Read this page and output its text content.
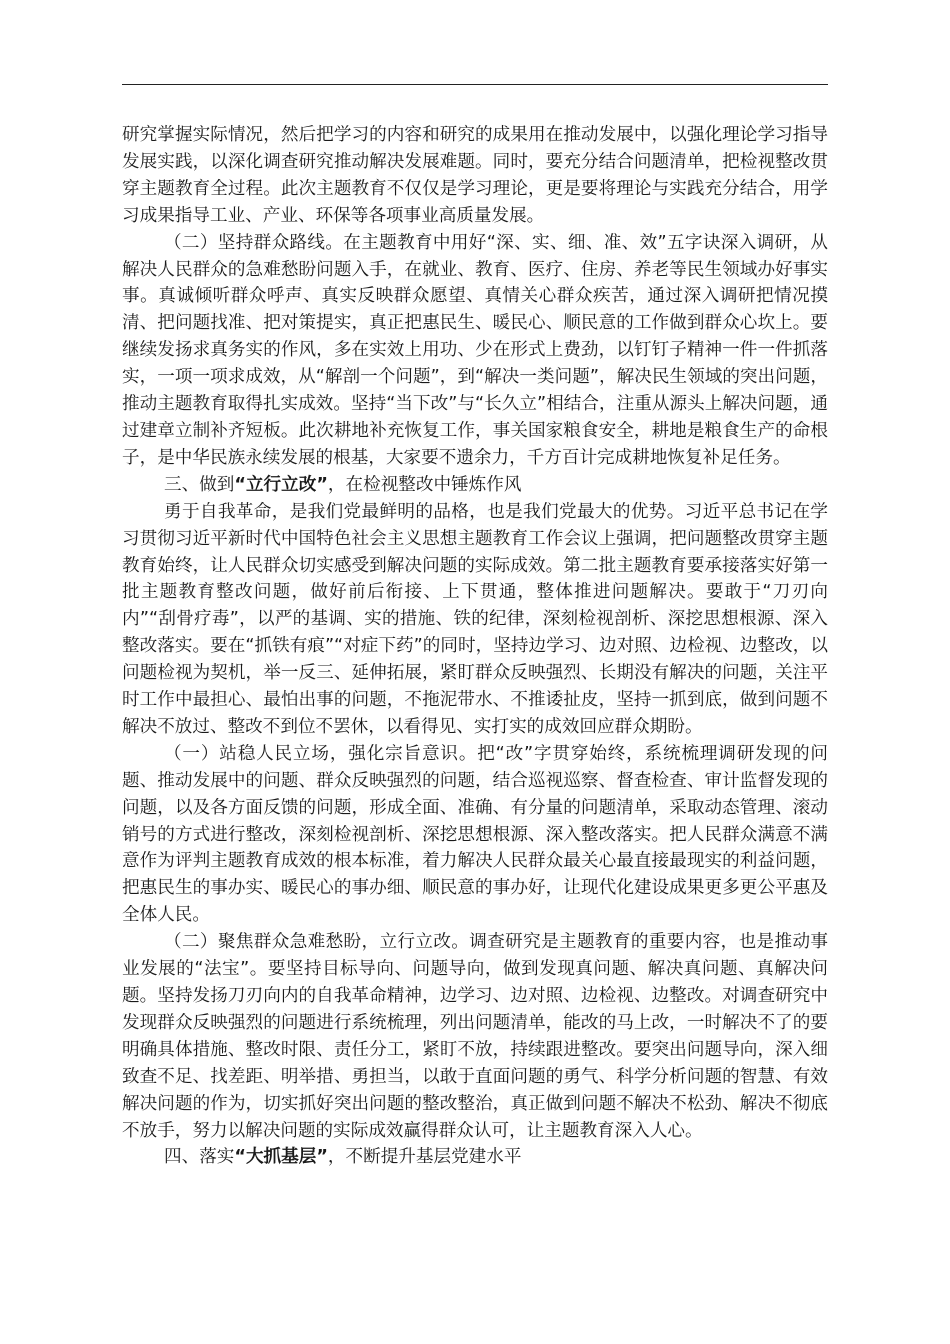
研究掌握实际情况，然后把学习的内容和研究的成果用在推动发展中，以强化理论学习指导发展实践，以深化调查研究推动解决发展难题。同时，要充分结合问题清单，把检视整改贯穿主题教育全过程。此次主题教育不仅仅是学习理论，更是要将理论与实践充分结合，用学习成果指导工业、产业、环保等各项事业高质量发展。

（二）坚持群众路线。在主题教育中用好“深、实、细、准、效”五字诀深入调研，从解决人民群众的急难愁盼问题入手，在就业、教育、医疗、住房、养老等民生领域办好事实事。真诚倾听群众呼声、真实反映群众愿望、真情关心群众疾苦，通过深入调研把情况摸清、把问题找准、把对策提实，真正把惠民生、暖民心、顺民意的工作做到群众心坎上。要继续发扬求真务实的作风，多在实效上用功、少在形式上费劲，以钉钉子精神一件一件抓落实，一项一项求成效，从“解剖一个问题”，到“解决一类问题”，解决民生领域的突出问题，推动主题教育取得扎实成效。坚持“当下改”与“长久立”相结合，注重从源头上解决问题，通过建章立制补齐短板。此次耕地补充恢复工作，事关国家粮食安全，耕地是粮食生产的命根子，是中华民族永续发展的根基，大家要不遗余力，千方百计完成耕地恢复补足任务。

三、做到“立行立改”，在检视整改中锤炼作风

勇于自我革命，是我们党最鲜明的品格，也是我们党最大的优势。习近平总书记在学习贯彻习近平新时代中国特色社会主义思想主题教育工作会议上强调，把问题整改贯穿主题教育始终，让人民群众切实感受到解决问题的实际成效。第二批主题教育要承接落实好第一批主题教育整改问题，做好前后衔接、上下贯通，整体推进问题解决。要敢于“刀刃向内”“刮骨疗毒”，以严的基调、实的措施、铁的纪律，深刻检视剖析、深挖思想根源、深入整改落实。要在“抓铁有痕”“对症下药”的同时，坚持边学习、边对照、边检视、边整改，以问题检视为契机，举一反三、延伸拓展，紧盯群众反映强烈、长期没有解决的问题，关注平时工作中最担心、最怕出事的问题，不拖泥带水、不推诿扯皮，坚持一抓到底，做到问题不解决不放过、整改不到位不罢休，以看得见、实打实的成效回应群众期盼。

（一）站稳人民立场，强化宗旨意识。把“改”字贯穿始终，系统梳理调研发现的问题、推动发展中的问题、群众反映强烈的问题，结合巡视巡察、督查检查、审计监督发现的问题，以及各方面反馈的问题，形成全面、准确、有分量的问题清单，采取动态管理、滚动销号的方式进行整改，深刻检视剖析、深挖思想根源、深入整改落实。把人民群众满意不满意作为评判主题教育成效的根本标准，着力解决人民群众最关心最直接最现实的利益问题，把惠民生的事办实、暖民心的事办细、顺民意的事办好，让现代化建设成果更多更公平惠及全体人民。

（二）聚焦群众急难愁盼，立行立改。调查研究是主题教育的重要内容，也是推动事业发展的“法宝”。要坚持目标导向、问题导向，做到发现真问题、解决真问题、真解决问题。坚持发扬刀刃向内的自我革命精神，边学习、边对照、边检视、边整改。对调查研究中发现群众反映强烈的问题进行系统梳理，列出问题清单，能改的马上改，一时解决不了的要明确具体措施、整改时限、责任分工，紧盯不放，持续跟进整改。要突出问题导向，深入细致查不足、找差距、明举措、勇担当，以敢于直面问题的勇气、科学分析问题的智慧、有效解决问题的作为，切实抓好突出问题的整改整治，真正做到问题不解决不松劲、解决不彻底不放手，努力以解决问题的实际成效赢得群众认可，让主题教育深入人心。

四、落实“大抓基层”，不断提升基层党建水平
